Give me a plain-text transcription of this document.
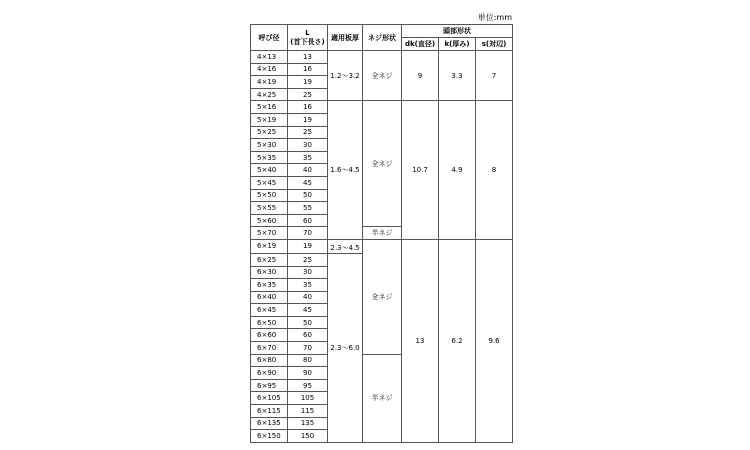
単位:mm
呼び径	L
(首下長さ)	適用板厚	ネジ形状	頭部形状		
				dk(直径)	k(厚み)	s(対辺)
4×13	13	1.2～3.2	全ネジ	9	3.3	7
4×16	16					
4×19	19					
4×25	25					
5×16	16	1.6～4.5	全ネジ	10.7	4.9	8
5×19	19					
5×25	25					
5×30	30					
5×35	35					
5×40	40					
5×45	45					
5×50	50					
5×55	55					
5×60	60					
5×70	70		半ネジ			
6×19	19	2.3～4.5	全ネジ	13	6.2	9.6
6×25	25	2.3～6.0				
6×30	30					
6×35	35					
6×40	40					
6×45	45					
6×50	50					
6×60	60					
6×70	70					
6×80	80		半ネジ			
6×90	90					
6×95	95					
6×105	105					
6×115	115					
6×135	135					
6×150	150					
